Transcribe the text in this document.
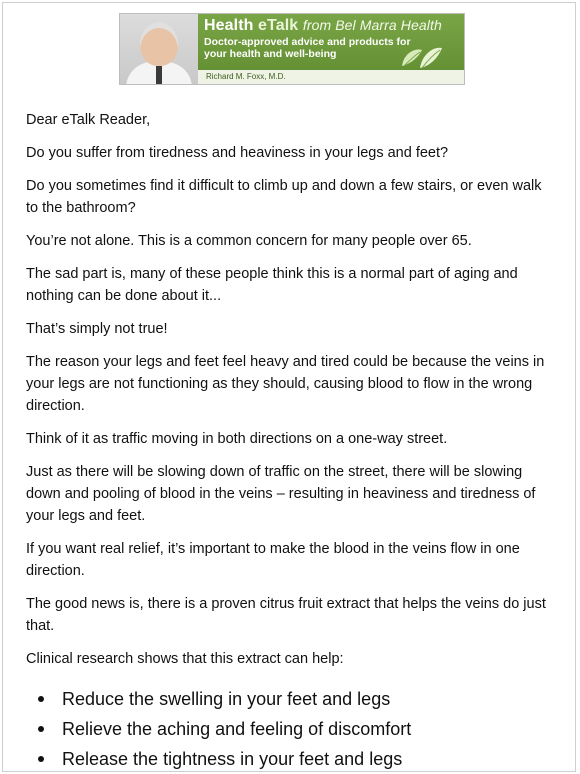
Health eTalk from Bel Marra Health
Doctor-approved advice and products for your health and well-being
Richard M. Foxx, M.D.

Dear eTalk Reader,

Do you suffer from tiredness and heaviness in your legs and feet?

Do you sometimes find it difficult to climb up and down a few stairs, or even walk to the bathroom?

You’re not alone. This is a common concern for many people over 65.

The sad part is, many of these people think this is a normal part of aging and nothing can be done about it...

That’s simply not true!

The reason your legs and feet feel heavy and tired could be because the veins in your legs are not functioning as they should, causing blood to flow in the wrong direction.

Think of it as traffic moving in both directions on a one-way street.

Just as there will be slowing down of traffic on the street, there will be slowing down and pooling of blood in the veins – resulting in heaviness and tiredness of your legs and feet.

If you want real relief, it’s important to make the blood in the veins flow in one direction.

The good news is, there is a proven citrus fruit extract that helps the veins do just that.

Clinical research shows that this extract can help:

Reduce the swelling in your feet and legs
Relieve the aching and feeling of discomfort
Release the tightness in your feet and legs
